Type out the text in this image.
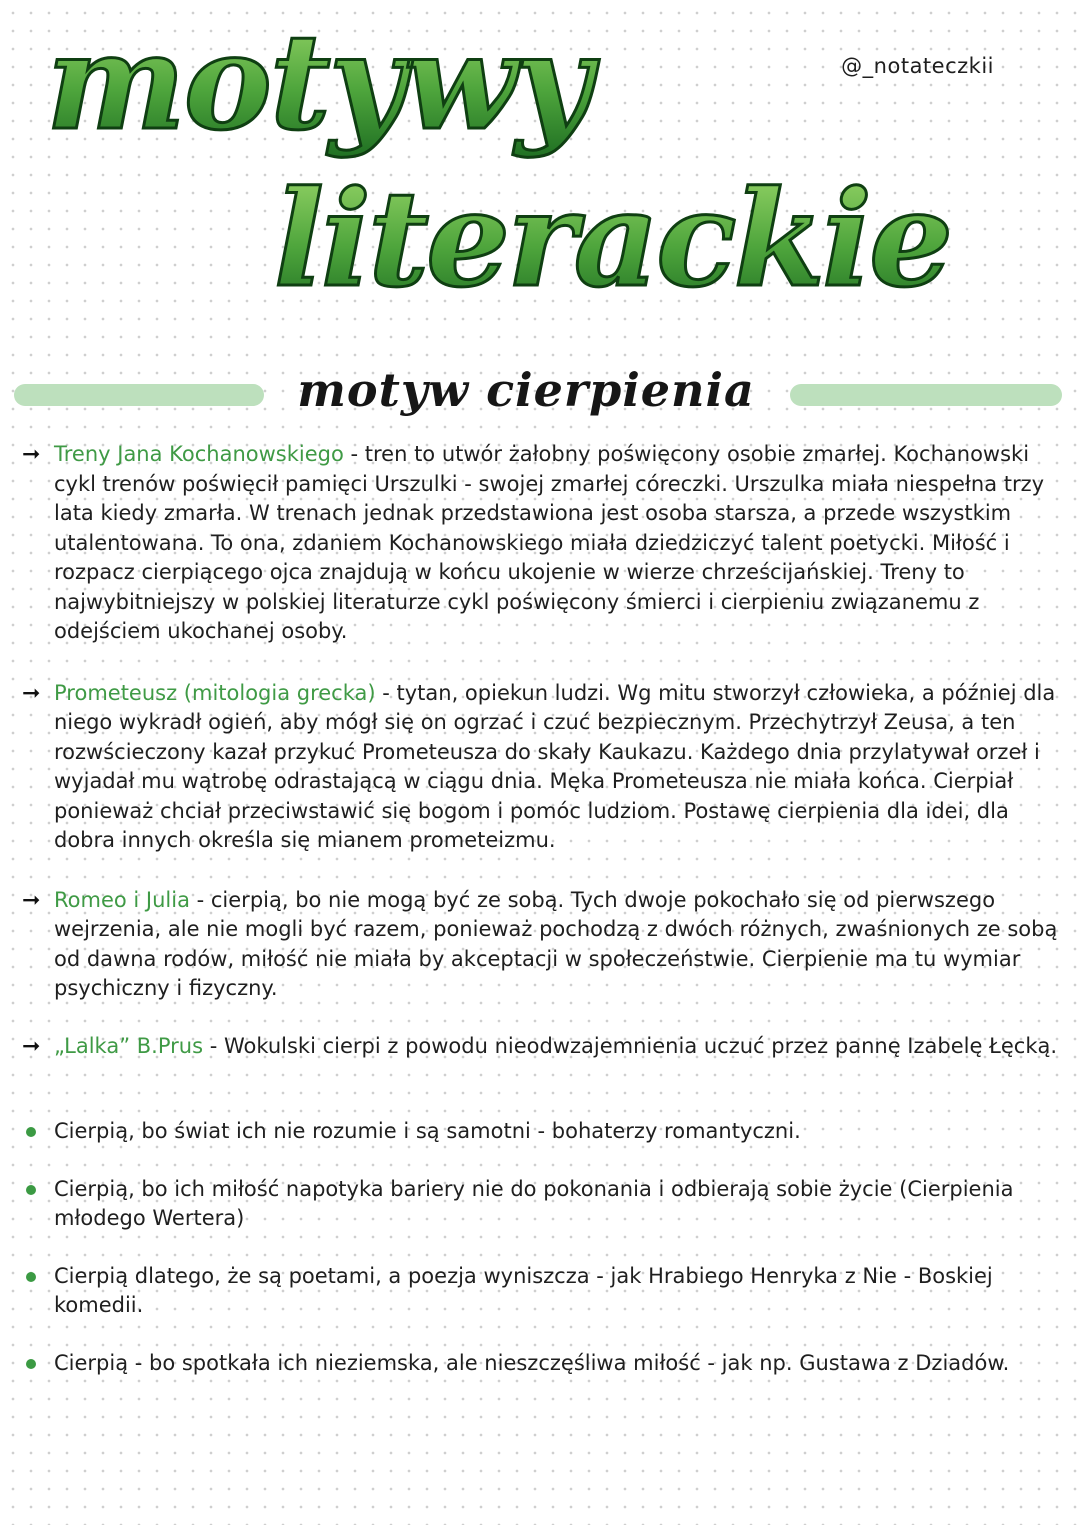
motywy
literackie
@_notateczkii
motyw cierpienia
➞ Treny Jana Kochanowskiego - tren to utwór żałobny poświęcony osobie zmarłej. Kochanowski cykl trenów poświęcił pamięci Urszulki - swojej zmarłej córeczki. Urszulka miała niespełna trzy lata kiedy zmarła. W trenach jednak przedstawiona jest osoba starsza, a przede wszystkim utalentowana. To ona, zdaniem Kochanowskiego miała dziedziczyć talent poetycki. Miłość i rozpacz cierpiącego ojca znajdują w końcu ukojenie w wierze chrześcijańskiej. Treny to najwybitniejszy w polskiej literaturze cykl poświęcony śmierci i cierpieniu związanemu z odejściem ukochanej osoby.
➞ Prometeusz (mitologia grecka) - tytan, opiekun ludzi. Wg mitu stworzył człowieka, a później dla niego wykradł ogień, aby mógł się on ogrzać i czuć bezpiecznym. Przechytrzył Zeusa, a ten rozwścieczony kazał przykuć Prometeusza do skały Kaukazu. Każdego dnia przylatywał orzeł i wyjadał mu wątrobę odrastającą w ciągu dnia. Męka Prometeusza nie miała końca. Cierpiał ponieważ chciał przeciwstawić się bogom i pomóc ludziom. Postawę cierpienia dla idei, dla dobra innych określa się mianem prometeizmu.
➞ Romeo i Julia - cierpią, bo nie mogą być ze sobą. Tych dwoje pokochało się od pierwszego wejrzenia, ale nie mogli być razem, ponieważ pochodzą z dwóch różnych, zwaśnionych ze sobą od dawna rodów, miłość nie miała by akceptacji w społeczeństwie. Cierpienie ma tu wymiar psychiczny i fizyczny.
➞ „Lalka” B.Prus - Wokulski cierpi z powodu nieodwzajemnienia uczuć przez pannę Izabelę Łęcką.
Cierpią, bo świat ich nie rozumie i są samotni - bohaterzy romantyczni.
Cierpią, bo ich miłość napotyka bariery nie do pokonania i odbierają sobie życie (Cierpienia młodego Wertera)
Cierpią dlatego, że są poetami, a poezja wyniszcza - jak Hrabiego Henryka z Nie - Boskiej komedii.
Cierpią - bo spotkała ich nieziemska, ale nieszczęśliwa miłość - jak np. Gustawa z Dziadów.
